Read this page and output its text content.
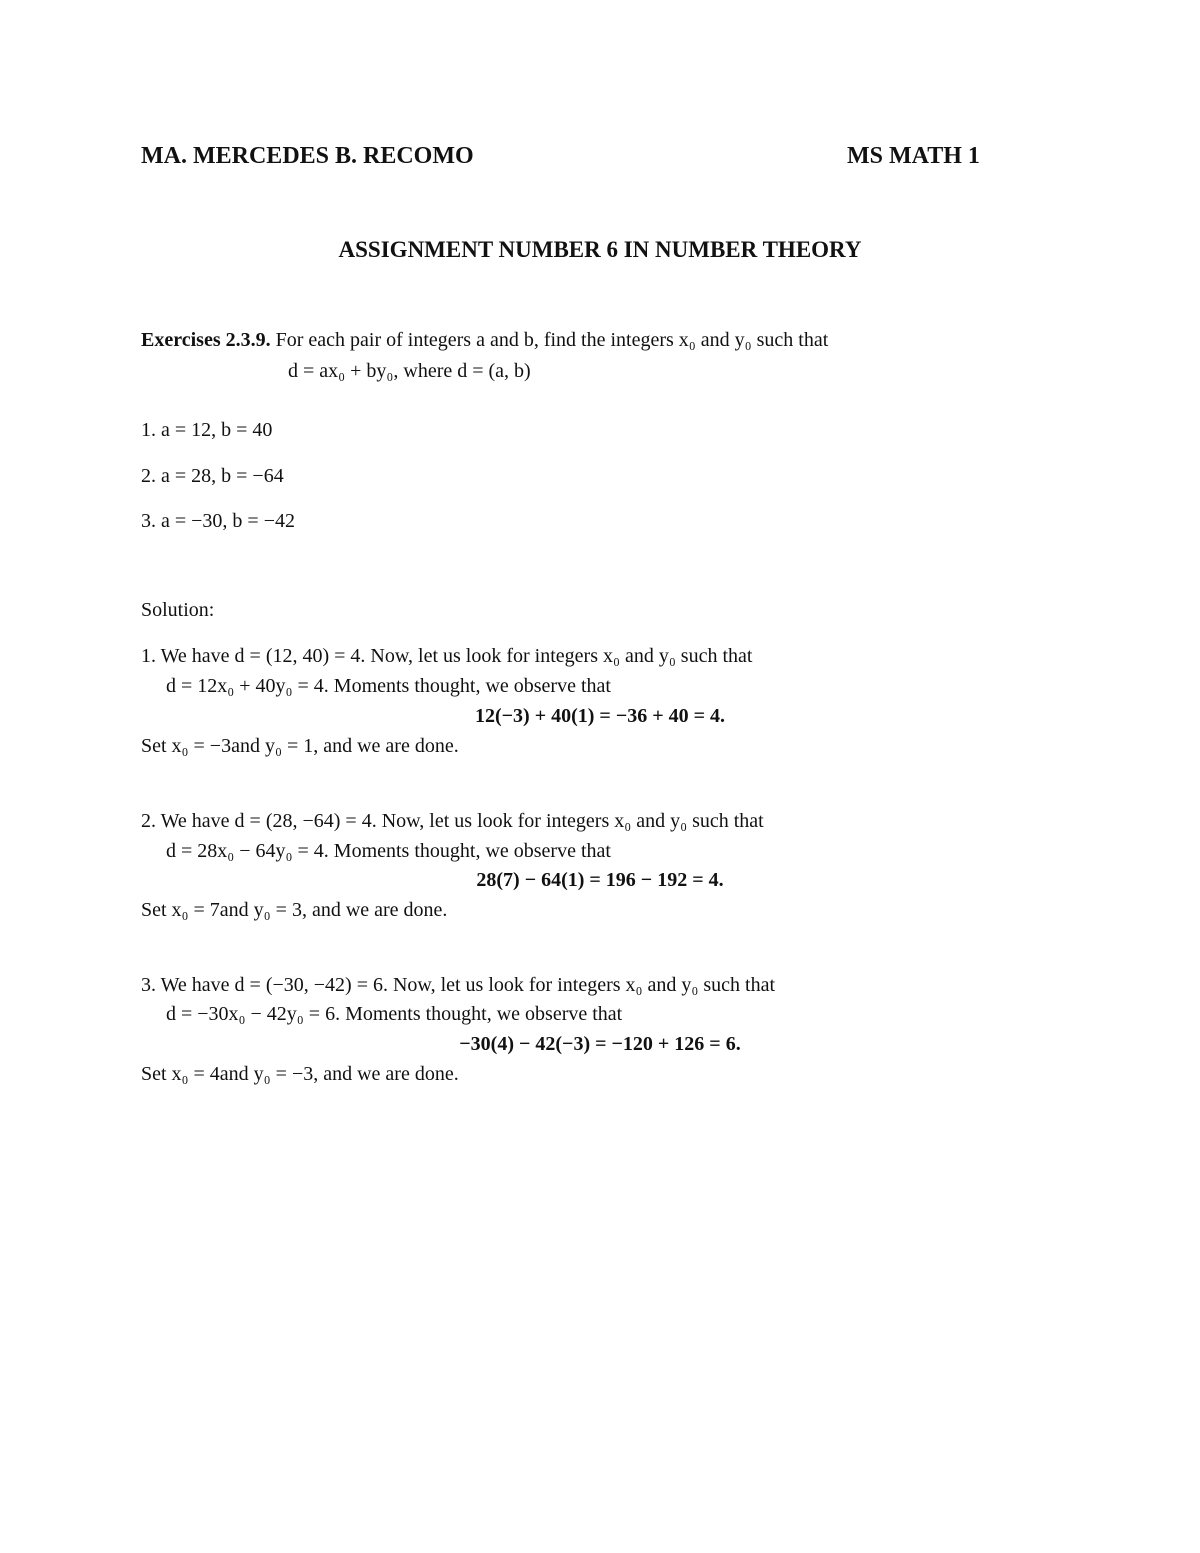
MA. MERCEDES B. RECOMO	MS MATH 1
ASSIGNMENT NUMBER 6 IN NUMBER THEORY
Exercises 2.3.9. For each pair of integers a and b, find the integers x₀ and y₀ such that
d = ax₀ + by₀, where d = (a, b)
1. a = 12, b = 40
2. a = 28, b = −64
3. a = −30, b = −42
Solution:
1. We have d = (12, 40) = 4. Now, let us look for integers x₀ and y₀ such that
d = 12x₀ + 40y₀ = 4. Moments thought, we observe that
12(−3) + 40(1) = −36 + 40 = 4.
Set x₀ = −3and y₀ = 1, and we are done.
2. We have d = (28, −64) = 4. Now, let us look for integers x₀ and y₀ such that
d = 28x₀ − 64y₀ = 4. Moments thought, we observe that
28(7) − 64(1) = 196 − 192 = 4.
Set x₀ = 7and y₀ = 3, and we are done.
3. We have d = (−30, −42) = 6. Now, let us look for integers x₀ and y₀ such that
d = −30x₀ − 42y₀ = 6. Moments thought, we observe that
−30(4) − 42(−3) = −120 + 126 = 6.
Set x₀ = 4and y₀ = −3, and we are done.
